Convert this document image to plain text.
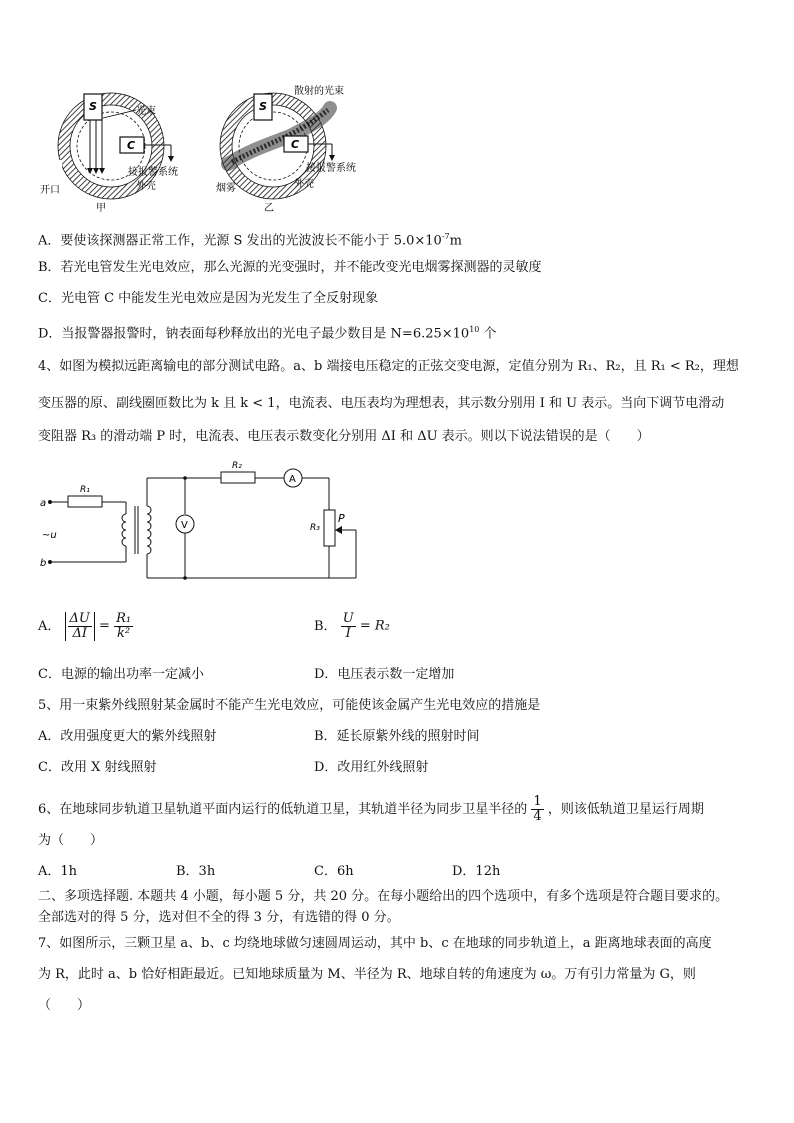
S
C
光束
接报警系统
外壳
开口
甲
S
C
散射的光束
接报警系统
烟雾	外壳
乙
A．要使该探测器正常工作，光源 S 发出的光波波长不能小于 $5.0\times 10^{-7}m$
B．若光电管发生光电效应，那么光源的光变强时，并不能改变光电烟雾探测器的灵敏度
C．光电管 C 中能发生光电效应是因为光发生了全反射现象
D．当报警器报警时，钠表面每秒释放出的光电子最少数目是 $N=6.25\times 10^{10}$ 个
4、如图为模拟远距离输电的部分测试电路。a、b 端接电压稳定的正弦交变电源，定值分别为 R₁、R₂，且 R₁ < R₂，理想
变压器的原、副线圈匝数比为 k 且 k < 1，电流表、电压表均为理想表，其示数分别用 I 和 U 表示。当向下调节电滑动
变阻器 R₃ 的滑动端 P 时，电流表、电压表示数变化分别用 ΔI 和 ΔU 表示。则以下说法错误的是（　　）
a
b
~u
R₁
V
R₂
A
R₃
P
A． $\frac{\Delta U}{\Delta I} = \frac{\text{R₁}}{\text{k²}}$	B． $\frac{U}{I} = R_2$
C．电源的输出功率一定减小	D．电压表示数一定增加
5、用一束紫外线照射某金属时不能产生光电效应，可能使该金属产生光电效应的措施是
A．改用强度更大的紫外线照射	B．延长原紫外线的照射时间
C．改用 X 射线照射	D．改用红外线照射
6、在地球同步轨道卫星轨道平面内运行的低轨道卫星，其轨道半径为同步卫星半径的 $\frac{1}{4}$ ，则该低轨道卫星运行周期
为（　　）
A．1h	B．3h	C．6h	D．12h
二、多项选择题. 本题共 4 小题，每小题 5 分，共 20 分。在每小题给出的四个选项中，有多个选项是符合题目要求的。
全部选对的得 5 分，选对但不全的得 3 分，有选错的得 0 分。
7、如图所示，三颗卫星 a、b、c 均绕地球做匀速圆周运动，其中 b、c 在地球的同步轨道上，a 距离地球表面的高度
为 R，此时 a、b 恰好相距最近。已知地球质量为 M、半径为 R、地球自转的角速度为 ω。万有引力常量为 G，则
（　　）
